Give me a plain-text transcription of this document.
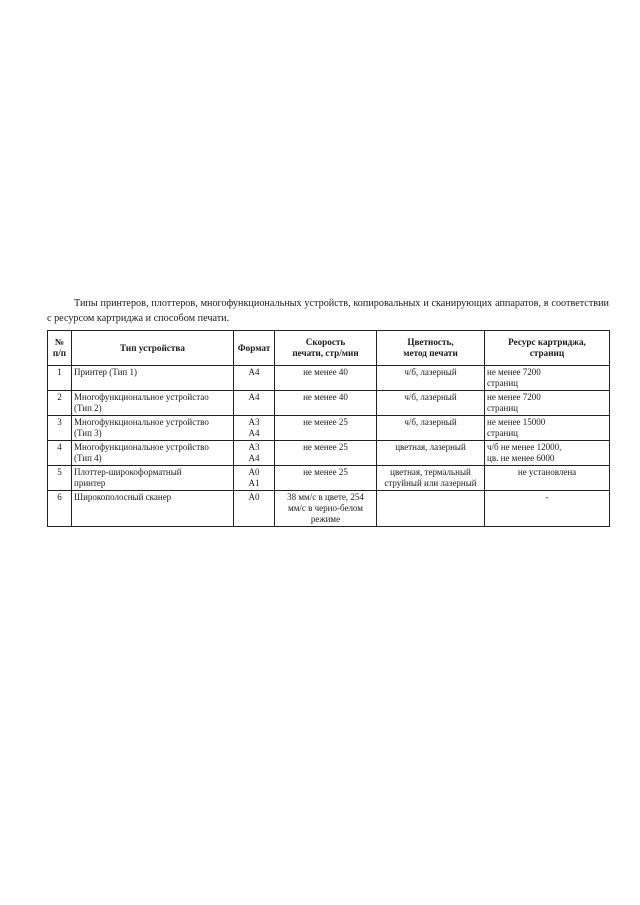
Типы принтеров, плоттеров, многофункциональных устройств, копировальных и сканирующих аппаратов, в соответствии с ресурсом картриджа и способом печати.

№
п/п	Тип устройства	Формат	Скорость
печати, стр/мин	Цветность,
метод печати	Ресурс картриджа,
страниц

1	Принтер (Тип 1)	А4	не менее 40	ч/б, лазерный	не менее 7200
страниц

2	Многофункциональное устройстао
(Тип 2)	А4	не менее 40	ч/б, лазерный	не менее 7200
страниц

3	Многофункциональное устройство
(Тип 3)	А3
А4	не менее 25	ч/б, лазерный	не менее 15000
страниц

4	Многофункциональное устройство
(Тип 4)	А3
А4	не менее 25	цветная, лазерный	ч/б не менее 12000,
цв. не менее 6000

5	Плоттер-широкоформатный
принтер	А0
А1	не менее 25	цветная, термальный
струйный или лазерный	не установлена

6	Широкополосный сканер	А0	38 мм/с в цвете, 254
мм/с в черно-белом
режиме		-
